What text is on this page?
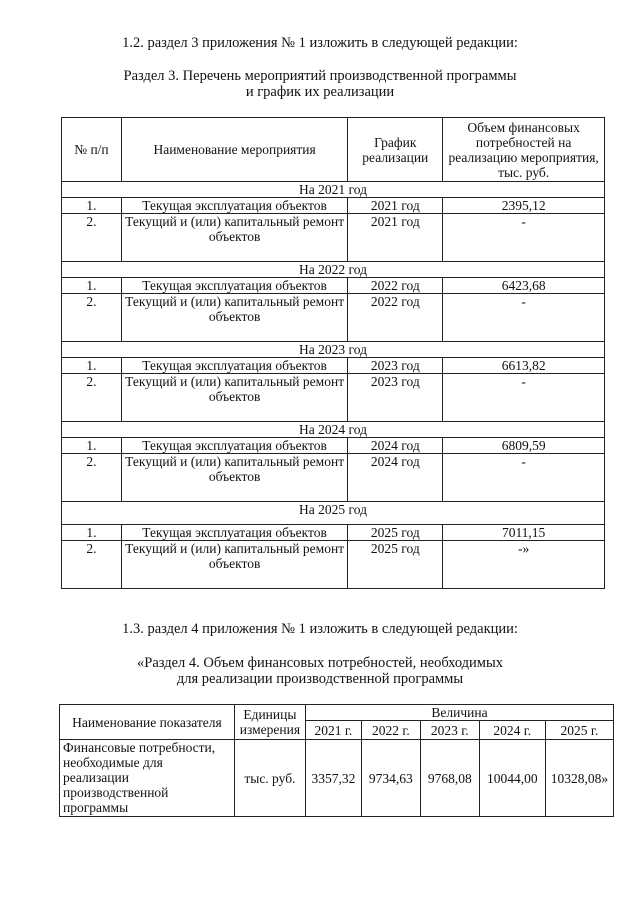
1.2. раздел 3 приложения № 1 изложить в следующей редакции:
Раздел 3. Перечень мероприятий производственной программы
и график их реализации
№ п/п	Наименование мероприятия	График реализации	Объем финансовых потребностей на реализацию мероприятия, тыс. руб.
На 2021 год			
1.	Текущая эксплуатация объектов	2021 год	2395,12
2.	Текущий и (или) капитальный ремонт объектов	2021 год	-
На 2022 год			
1.	Текущая эксплуатация объектов	2022 год	6423,68
2.	Текущий и (или) капитальный ремонт объектов	2022 год	-
На 2023 год			
1.	Текущая эксплуатация объектов	2023 год	6613,82
2.	Текущий и (или) капитальный ремонт объектов	2023 год	-
На 2024 год			
1.	Текущая эксплуатация объектов	2024 год	6809,59
2.	Текущий и (или) капитальный ремонт объектов	2024 год	-
На 2025 год			
1.	Текущая эксплуатация объектов	2025 год	7011,15
2.	Текущий и (или) капитальный ремонт объектов	2025 год	-»
1.3. раздел 4 приложения № 1 изложить в следующей редакции:
«Раздел 4. Объем финансовых потребностей, необходимых
для реализации производственной программы
Наименование показателя	Единицы измерения	Величина				
		2021 г.	2022 г.	2023 г.	2024 г.	2025 г.
Финансовые потребности, необходимые для реализации производственной программы	тыс. руб.	3357,32	9734,63	9768,08	10044,00	10328,08»
